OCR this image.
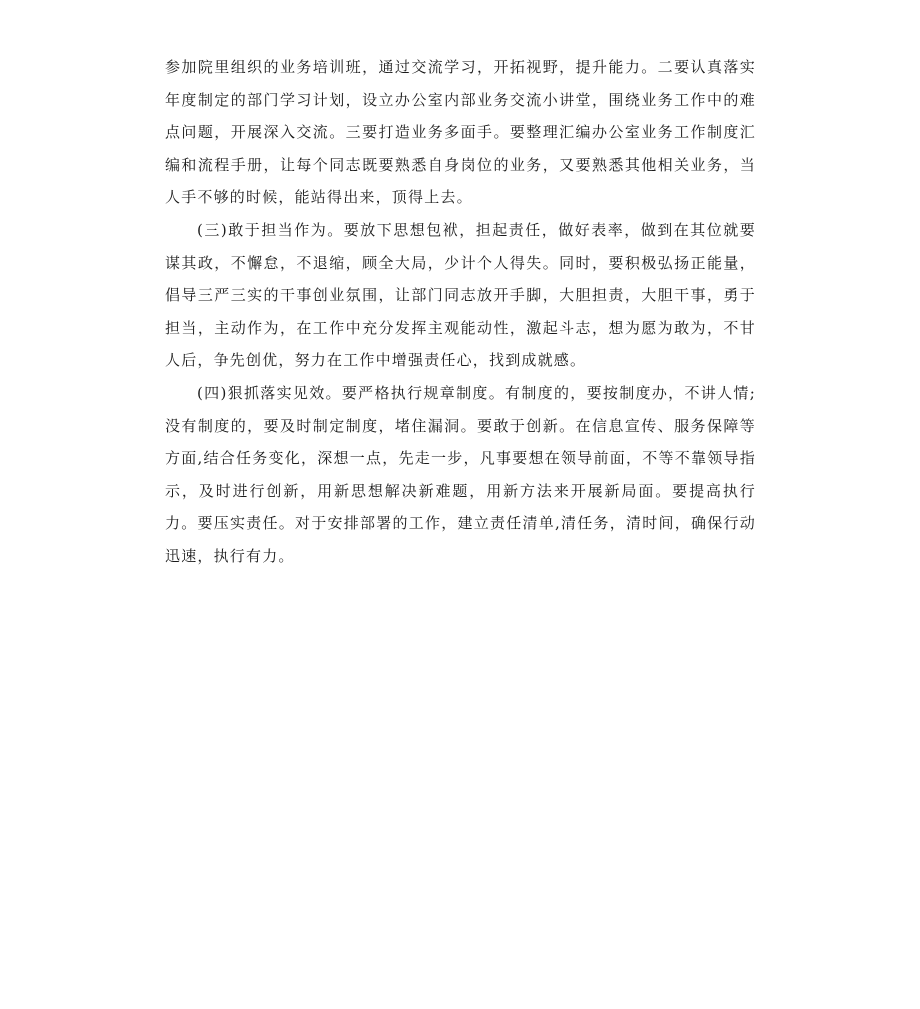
参加院里组织的业务培训班，通过交流学习，开拓视野，提升能力。二要认真落实年度制定的部门学习计划，设立办公室内部业务交流小讲堂，围绕业务工作中的难点问题，开展深入交流。三要打造业务多面手。要整理汇编办公室业务工作制度汇编和流程手册，让每个同志既要熟悉自身岗位的业务，又要熟悉其他相关业务，当人手不够的时候，能站得出来，顶得上去。

(三)敢于担当作为。要放下思想包袱，担起责任，做好表率，做到在其位就要谋其政，不懈怠，不退缩，顾全大局，少计个人得失。同时，要积极弘扬正能量，倡导三严三实的干事创业氛围，让部门同志放开手脚，大胆担责，大胆干事，勇于担当，主动作为，在工作中充分发挥主观能动性，激起斗志，想为愿为敢为，不甘人后，争先创优，努力在工作中增强责任心，找到成就感。

(四)狠抓落实见效。要严格执行规章制度。有制度的，要按制度办，不讲人情;没有制度的，要及时制定制度，堵住漏洞。要敢于创新。在信息宣传、服务保障等方面,结合任务变化，深想一点，先走一步，凡事要想在领导前面，不等不靠领导指示，及时进行创新，用新思想解决新难题，用新方法来开展新局面。要提高执行力。要压实责任。对于安排部署的工作，建立责任清单,清任务，清时间，确保行动迅速，执行有力。
